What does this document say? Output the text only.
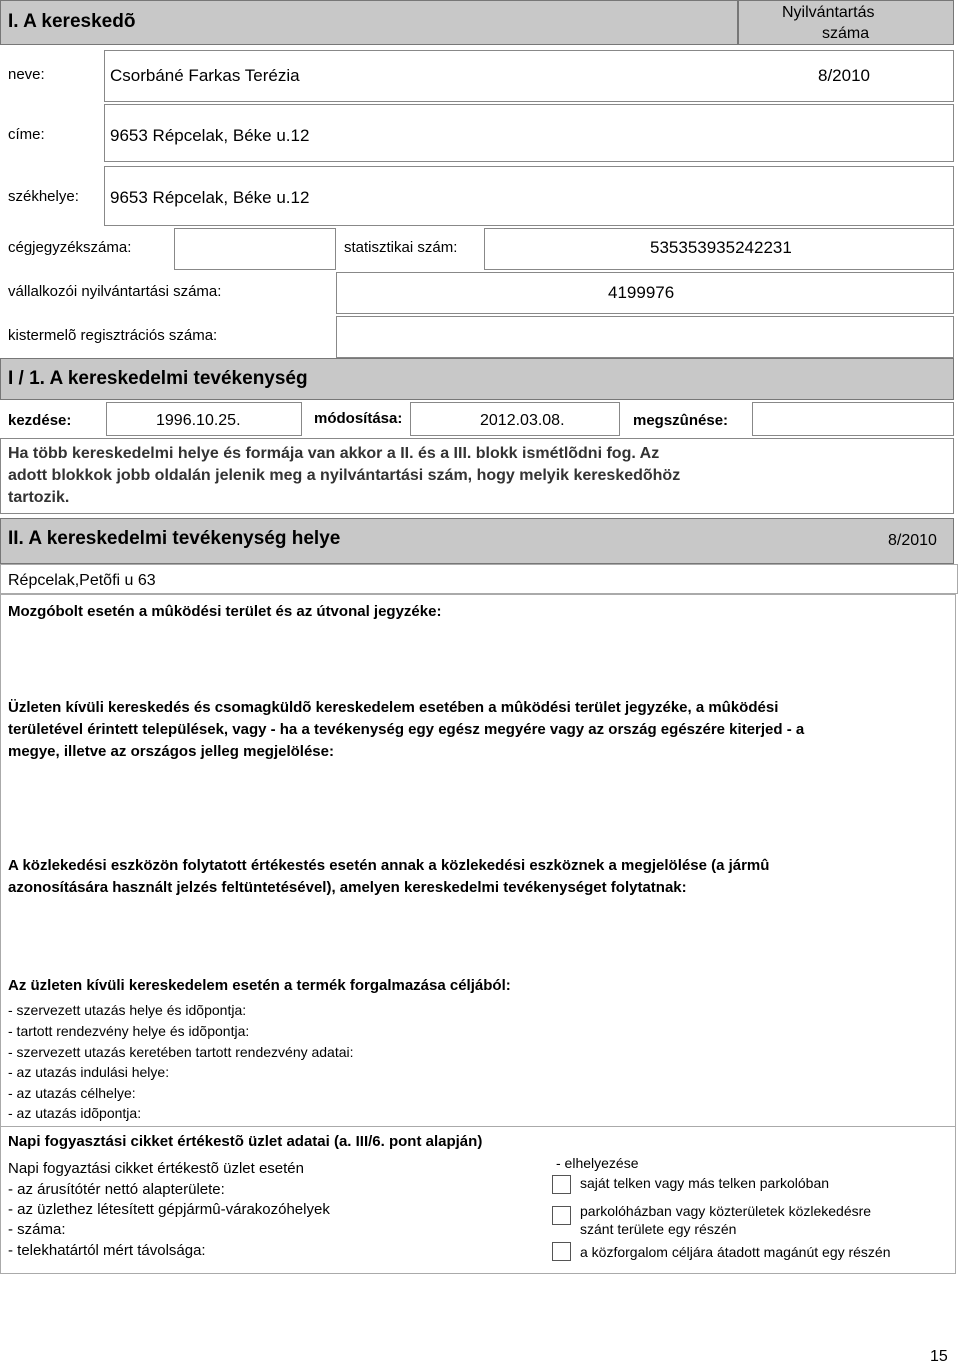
I. A kereskedõ	Nyilvántartás
száma
neve:	Csorbáné Farkas Terézia	8/2010
címe:	9653 Répcelak, Béke u.12
székhelye: 9653 Répcelak, Béke u.12
cégjegyzékszáma:	statisztikai szám:	535353935242231
vállalkozói nyilvántartási száma:	4199976
kistermelõ regisztrációs száma:
I / 1. A kereskedelmi tevékenység
kezdése:	1996.10.25.	módosítása:	2012.03.08.	megszûnése:
Ha több kereskedelmi helye és formája van akkor a II. és a III. blokk ismétlõdni fog. Az
adott blokkok jobb oldalán jelenik meg a nyilvántartási szám, hogy melyik kereskedõhöz
tartozik.
II. A kereskedelmi tevékenység helye	8/2010
Répcelak,Petõfi u 63
Mozgóbolt esetén a mûködési terület és az útvonal jegyzéke:
Üzleten kívüli kereskedés és csomagküldõ kereskedelem esetében a mûködési terület jegyzéke, a mûködési
területével érintett települések, vagy - ha a tevékenység egy egész megyére vagy az ország egészére kiterjed - a
megye, illetve az országos jelleg megjelölése:
A közlekedési eszközön folytatott értékestés esetén annak a közlekedési eszköznek a megjelölése (a jármû
azonosítására használt jelzés feltüntetésével), amelyen kereskedelmi tevékenységet folytatnak:
Az üzleten kívüli kereskedelem esetén a termék forgalmazása céljából:
- szervezett utazás helye és idõpontja:
- tartott rendezvény helye és idõpontja:
- szervezett utazás keretében tartott rendezvény adatai:
- az utazás indulási helye:
- az utazás célhelye:
- az utazás idõpontja:
Napi fogyasztási cikket értékestõ üzlet adatai (a. III/6. pont alapján)
Napi fogyaztási cikket értékestõ üzlet esetén
- az árusítótér nettó alapterülete:
- az üzlethez létesített gépjármû-várakozóhelyek
- száma:
- telekhatártól mért távolsága:
- elhelyezése
saját telken vagy más telken parkolóban
parkolóházban vagy közterületek közlekedésre
szánt területe egy részén
a közforgalom céljára átadott magánút egy részén
15
